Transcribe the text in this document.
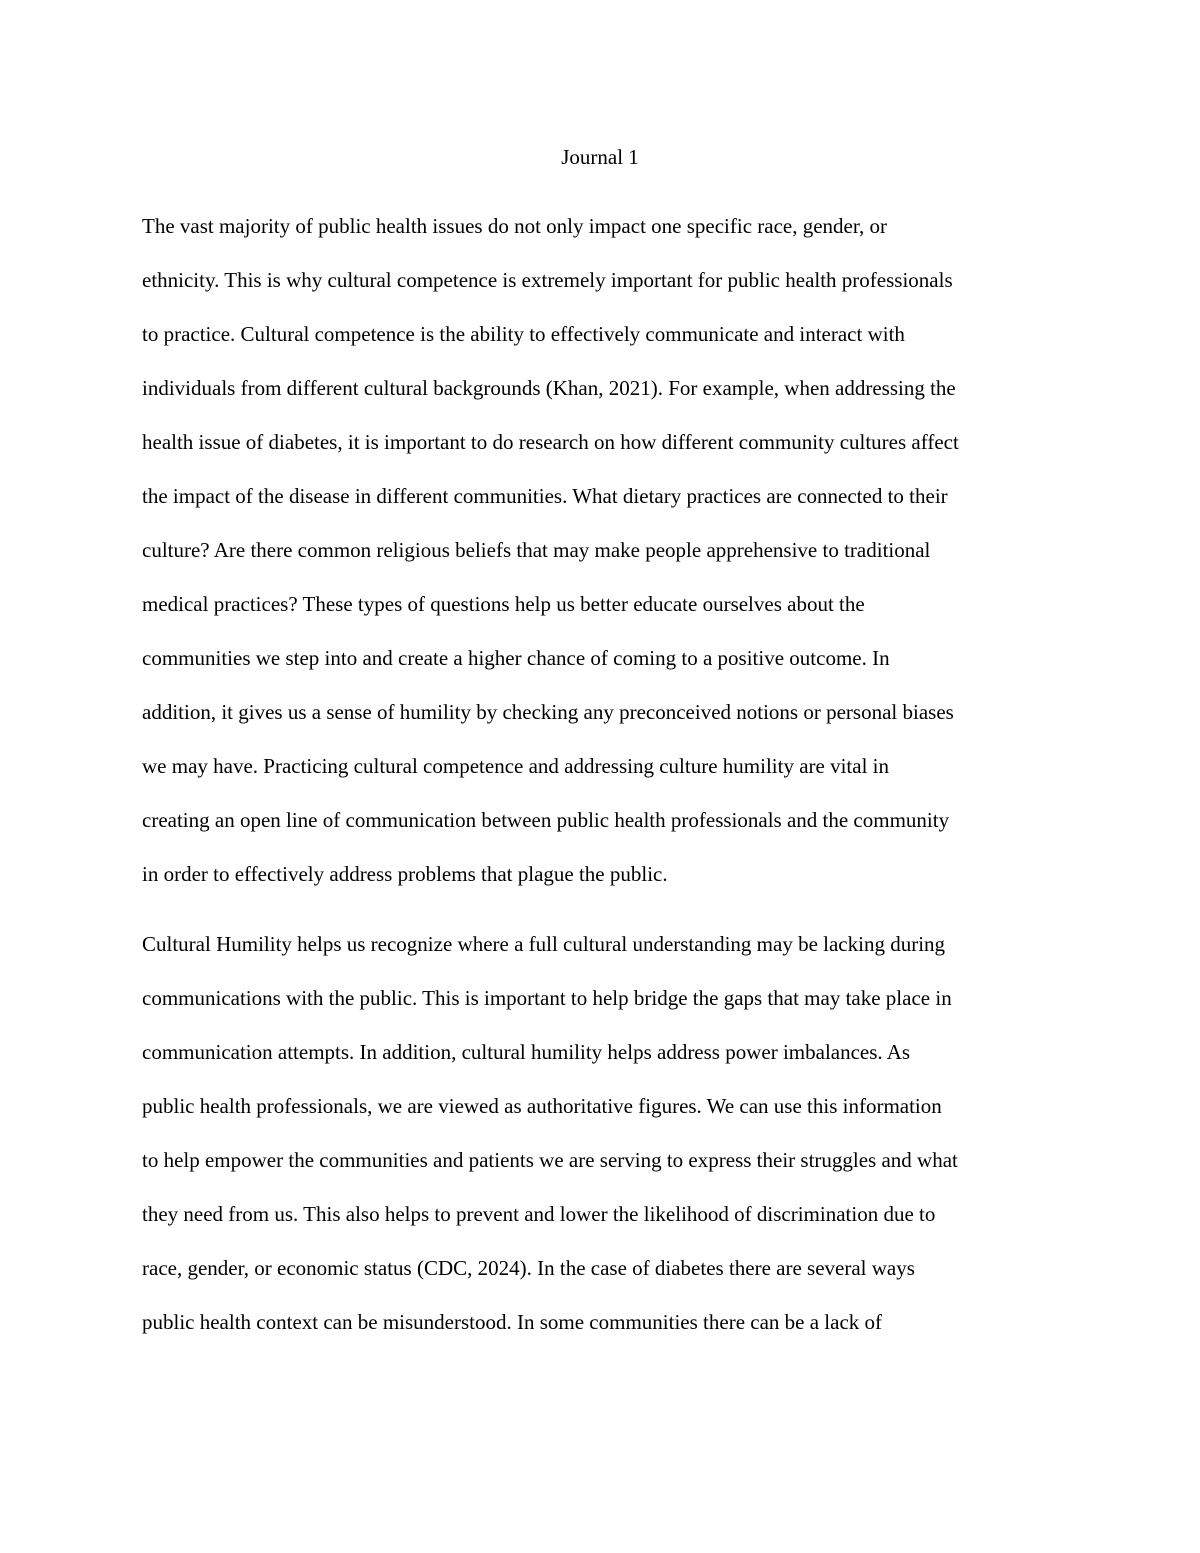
Journal 1
The vast majority of public health issues do not only impact one specific race, gender, or
ethnicity. This is why cultural competence is extremely important for public health professionals
to practice. Cultural competence is the ability to effectively communicate and interact with
individuals from different cultural backgrounds (Khan, 2021). For example, when addressing the
health issue of diabetes, it is important to do research on how different community cultures affect
the impact of the disease in different communities. What dietary practices are connected to their
culture? Are there common religious beliefs that may make people apprehensive to traditional
medical practices? These types of questions help us better educate ourselves about the
communities we step into and create a higher chance of coming to a positive outcome. In
addition, it gives us a sense of humility by checking any preconceived notions or personal biases
we may have. Practicing cultural competence and addressing culture humility are vital in
creating an open line of communication between public health professionals and the community
in order to effectively address problems that plague the public.
Cultural Humility helps us recognize where a full cultural understanding may be lacking during
communications with the public. This is important to help bridge the gaps that may take place in
communication attempts. In addition, cultural humility helps address power imbalances. As
public health professionals, we are viewed as authoritative figures. We can use this information
to help empower the communities and patients we are serving to express their struggles and what
they need from us. This also helps to prevent and lower the likelihood of discrimination due to
race, gender, or economic status (CDC, 2024). In the case of diabetes there are several ways
public health context can be misunderstood. In some communities there can be a lack of
